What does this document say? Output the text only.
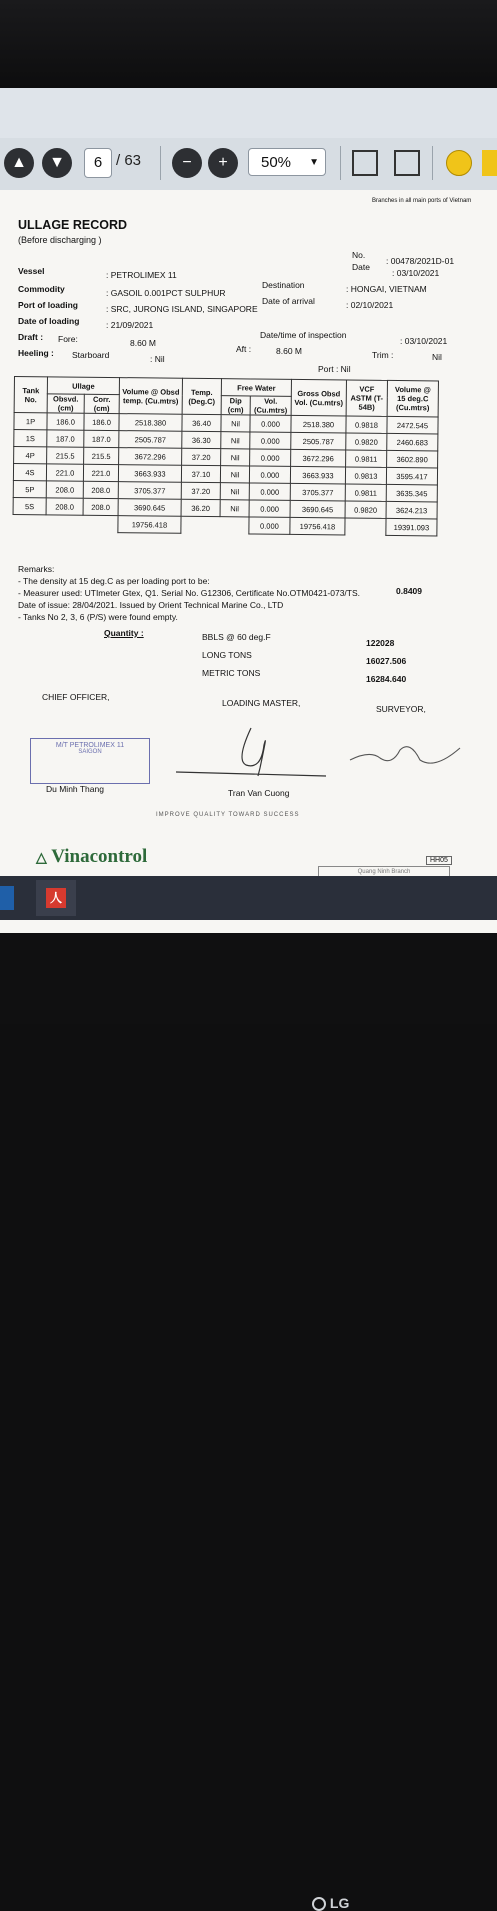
▲	▼	6 / 63	−	+	50% ▼
Branches in all main ports of Vietnam
ULLAGE RECORD
(Before discharging )
No.
: 00478/2021D-01
Date
: 03/10/2021
Vessel	: PETROLIMEX 11
Destination	: HONGAI, VIETNAM
Commodity	: GASOIL 0.001PCT SULPHUR
Date of arrival	: 02/10/2021
Port of loading	: SRC, JURONG ISLAND, SINGAPORE
Date of loading	: 21/09/2021
Date/time of inspection
: 03/10/2021
Draft : Fore:	8.60 M
Aft :	8.60 M	Trim :	Nil
Heeling : Starboard	: Nil
Port : Nil
Tank No.	Ullage		Volume @ Obsd temp. (Cu.mtrs)	Temp. (Deg.C)	Free Water		Gross Obsd Vol. (Cu.mtrs)	VCF ASTM (T-54B)	Volume @ 15 deg.C (Cu.mtrs)
	Obsvd. (cm)	Corr. (cm)			Dip (cm)	Vol. (Cu.mtrs)			
1P	186.0	186.0	2518.380	36.40	Nil	0.000	2518.380	0.9818	2472.545
1S	187.0	187.0	2505.787	36.30	Nil	0.000	2505.787	0.9820	2460.683
4P	215.5	215.5	3672.296	37.20	Nil	0.000	3672.296	0.9811	3602.890
4S	221.0	221.0	3663.933	37.10	Nil	0.000	3663.933	0.9813	3595.417
5P	208.0	208.0	3705.377	37.20	Nil	0.000	3705.377	0.9811	3635.345
5S	208.0	208.0	3690.645	36.20	Nil	0.000	3690.645	0.9820	3624.213
			19756.418			0.000	19756.418		19391.093
Remarks:
- The density at 15 deg.C as per loading port to be:
0.8409
- Measurer used: UTImeter Gtex, Q1. Serial No. G12306, Certificate No.OTM0421-073/TS.
Date of issue: 28/04/2021. Issued by Orient Technical Marine Co., LTD
- Tanks No 2, 3, 6 (P/S) were found empty.
Quantity :	BBLS @ 60 deg.F
122028
LONG TONS
16027.506
METRIC TONS
16284.640
CHIEF OFFICER,
LOADING MASTER,
SURVEYOR,
M/T PETROLIMEX 11
SAIGON
Du Minh Thang	Tran Van Cuong
IMPROVE QUALITY TOWARD SUCCESS
HH05
Quang Ninh Branch
△ Vinacontrol
人
LG
